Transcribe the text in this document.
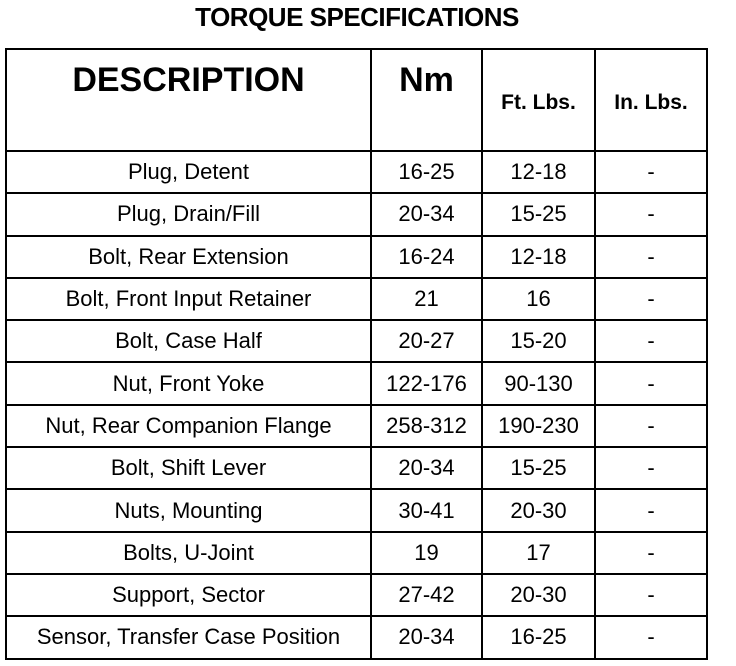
TORQUE SPECIFICATIONS
DESCRIPTION	Nm	Ft. Lbs.	In. Lbs.

Plug, Detent	16-25	12-18	-
Plug, Drain/Fill	20-34	15-25	-
Bolt, Rear Extension	16-24	12-18	-
Bolt, Front Input Retainer	21	16	-
Bolt, Case Half	20-27	15-20	-
Nut, Front Yoke	122-176	90-130	-
Nut, Rear Companion Flange	258-312	190-230	-
Bolt, Shift Lever	20-34	15-25	-
Nuts, Mounting	30-41	20-30	-
Bolts, U-Joint	19	17	-
Support, Sector	27-42	20-30	-
Sensor, Transfer Case Position	20-34	16-25	-
